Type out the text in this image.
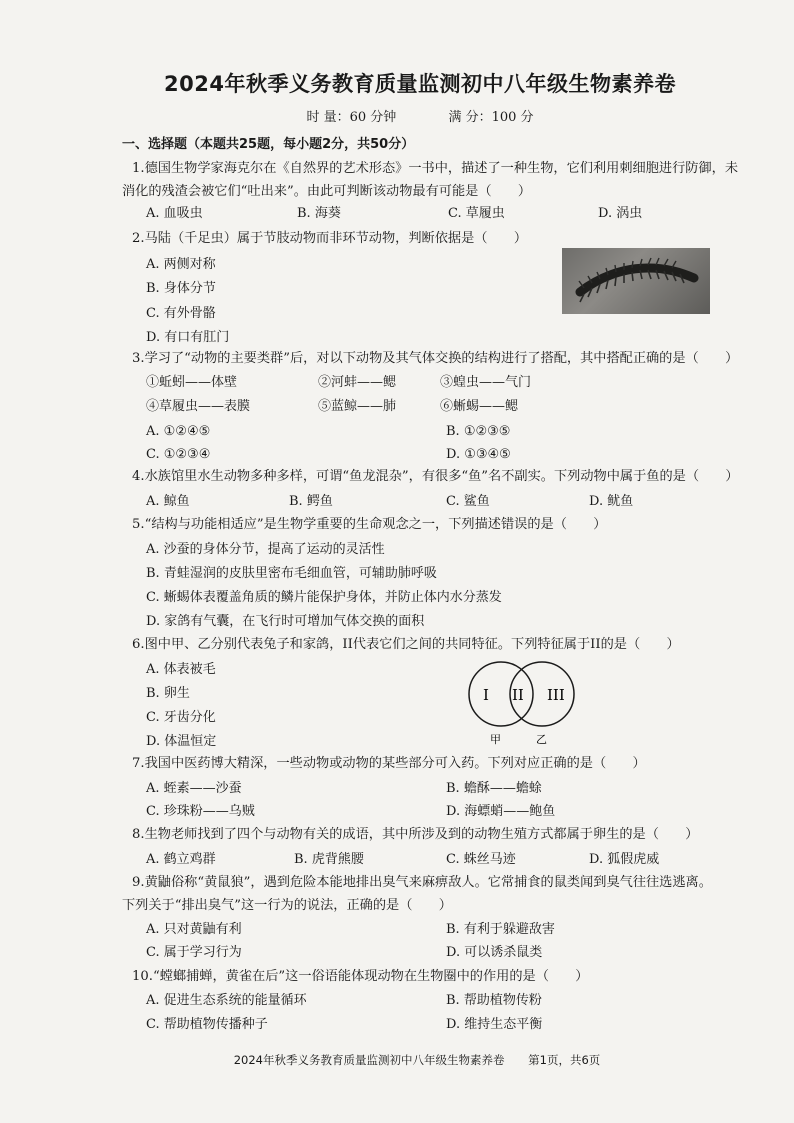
2024年秋季义务教育质量监测初中八年级生物素养卷
时 量：60 分钟	满 分：100 分
一、选择题（本题共25题，每小题2分，共50分）
1.德国生物学家海克尔在《自然界的艺术形态》一书中，描述了一种生物，它们利用刺细胞进行防御，未
消化的残渣会被它们“吐出来”。由此可判断该动物最有可能是（　　）
A. 血吸虫	B. 海葵	C. 草履虫	D. 涡虫
2.马陆（千足虫）属于节肢动物而非环节动物，判断依据是（　　）
A. 两侧对称
B. 身体分节
C. 有外骨骼
D. 有口有肛门
3.学习了“动物的主要类群”后，对以下动物及其气体交换的结构进行了搭配，其中搭配正确的是（　　）
①蚯蚓——体壁	②河蚌——鳃	③蝗虫——气门
④草履虫——表膜	⑤蓝鲸——肺	⑥蜥蜴——鳃
A. ①②④⑤	B. ①②③⑤
C. ①②③④	D. ①③④⑤
4.水族馆里水生动物多种多样，可谓“鱼龙混杂”，有很多“鱼”名不副实。下列动物中属于鱼的是（　　）
A. 鲸鱼	B. 鳄鱼	C. 鲨鱼	D. 鱿鱼
5.“结构与功能相适应”是生物学重要的生命观念之一，下列描述错误的是（　　）
A. 沙蚕的身体分节，提高了运动的灵活性
B. 青蛙湿润的皮肤里密布毛细血管，可辅助肺呼吸
C. 蜥蜴体表覆盖角质的鳞片能保护身体，并防止体内水分蒸发
D. 家鸽有气囊，在飞行时可增加气体交换的面积
6.图中甲、乙分别代表兔子和家鸽，II代表它们之间的共同特征。下列特征属于II的是（　　）
A. 体表被毛
B. 卵生
C. 牙齿分化
D. 体温恒定
I II III
甲	乙
7.我国中医药博大精深，一些动物或动物的某些部分可入药。下列对应正确的是（　　）
A. 蛭素——沙蚕	B. 蟾酥——蟾蜍
C. 珍珠粉——乌贼	D. 海螵蛸——鲍鱼
8.生物老师找到了四个与动物有关的成语，其中所涉及到的动物生殖方式都属于卵生的是（　　）
A. 鹤立鸡群	B. 虎背熊腰	C. 蛛丝马迹	D. 狐假虎威
9.黄鼬俗称“黄鼠狼”，遇到危险本能地排出臭气来麻痹敌人。它常捕食的鼠类闻到臭气往往选逃离。
下列关于“排出臭气”这一行为的说法，正确的是（　　）
A. 只对黄鼬有利	B. 有利于躲避敌害
C. 属于学习行为	D. 可以诱杀鼠类
10.“螳螂捕蝉，黄雀在后”这一俗语能体现动物在生物圈中的作用的是（　　）
A. 促进生态系统的能量循环	B. 帮助植物传粉
C. 帮助植物传播种子	D. 维持生态平衡
2024年秋季义务教育质量监测初中八年级生物素养卷 第1页，共6页
